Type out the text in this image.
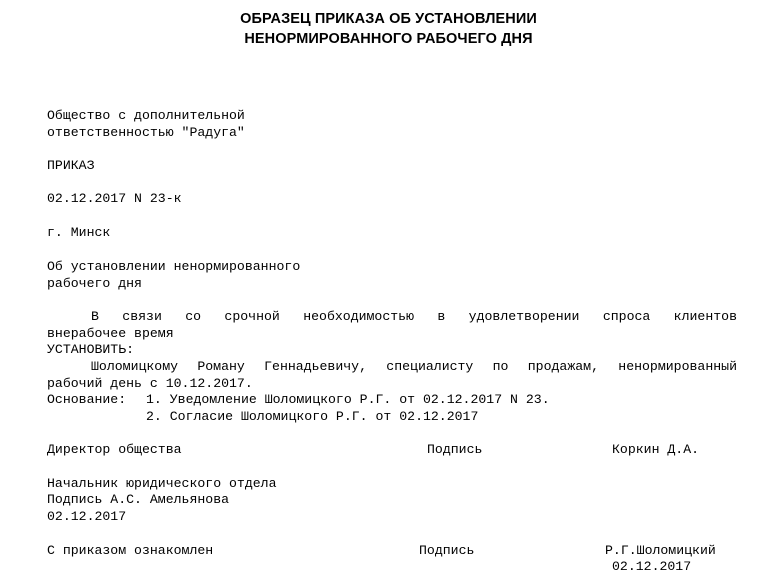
ОБРАЗЕЦ ПРИКАЗА ОБ УСТАНОВЛЕНИИ
НЕНОРМИРОВАННОГО РАБОЧЕГО ДНЯ
Общество с дополнительной
ответственностью "Радуга"
ПРИКАЗ
02.12.2017 N 23-к
г. Минск
Об установлении ненормированного
рабочего дня
В связи со срочной необходимостью в удовлетворении спроса клиентов
внерабочее время
УСТАНОВИТЬ:
Шоломицкому Роману Геннадьевичу, специалисту по продажам, ненормированный
рабочий день с 10.12.2017.
Основание: 1. Уведомление Шоломицкого Р.Г. от 02.12.2017 N 23.
2. Согласие Шоломицкого Р.Г. от 02.12.2017
Директор общества	Подпись	Коркин Д.А.
Начальник юридического отдела
Подпись А.С. Амельянова
02.12.2017
С приказом ознакомлен	Подпись	Р.Г.Шоломицкий
02.12.2017
